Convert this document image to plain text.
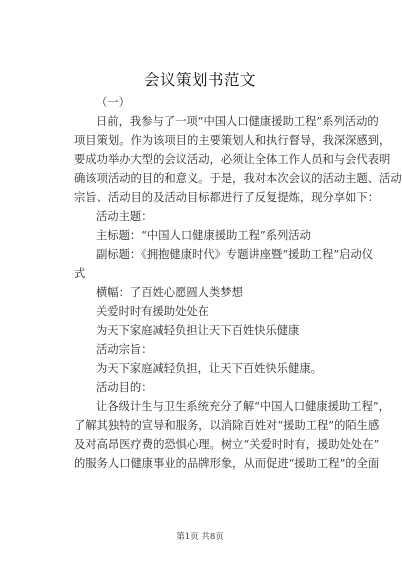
会议策划书范文
（一）
日前，我参与了一项“中国人口健康援助工程”系列活动的
项目策划。作为该项目的主要策划人和执行督导，我深深感到，
要成功举办大型的会议活动，必须让全体工作人员和与会代表明
确该项活动的目的和意义。于是，我对本次会议的活动主题、活动
宗旨、活动目的及活动目标都进行了反复提炼，现分享如下：
活动主题：
主标题：“中国人口健康援助工程”系列活动
副标题：《拥抱健康时代》专题讲座暨“援助工程”启动仪
式
横幅：了百姓心愿圆人类梦想
关爱时时有援助处处在
为天下家庭减轻负担让天下百姓快乐健康
活动宗旨：
为天下家庭减轻负担，让天下百姓快乐健康。
活动目的：
让各级计生与卫生系统充分了解“中国人口健康援助工程”，
了解其独特的宣导和服务，以消除百姓对“援助工程”的陌生感
及对高昂医疗费的恐惧心理。树立“关爱时时有，援助处处在”
的服务人口健康事业的品牌形象，从而促进“援助工程”的全面
第1页 共8页
